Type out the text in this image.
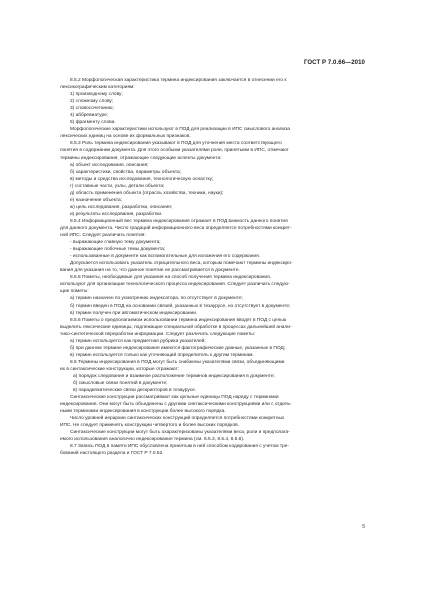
ГОСТ Р 7.0.66—2010
8.5.2 Морфологическая характеристика термина индексирования заключается в отнесении его к
лексикографическим категориям:
1) производному слову;
2) сложному слову;
3) словосочетанию;
4) аббревиатуре;
5) фрагменту слова.
Морфологические характеристики используют в ПОД для реализации в ИПС смыслового анализа
лексических единиц на основе их формальных признаков.
8.5.3 Роль термина индексирования указывают в ПОД для уточнения места соответствующего
понятия в содержании документа. Для этого особыми указателями роли, принятыми в ИПС, отмечают
термины индексирования, отражающие следующие аспекты документа:
а) объект исследования, описания;
б) характеристики, свойства, параметры объекта;
в) методы и средства исследования, технологическую оснастку;
г) составные части, узлы, детали объекта;
д) область применения объекта (отрасль хозяйства, техники, науки);
е) назначение объекта;
ж) цель исследования, разработки, описания;
и) результаты исследования, разработки.
8.5.4 Информационный вес термина индексирования отражает в ПОД важность данного понятия
для данного документа. Число градаций информационного веса определяется потребностями конкрет-
ной ИПС. Следует различать понятия:
- выражающие главную тему документа;
- выражающие побочные темы документа;
- использованные в документе как вспомогательные для изложения его содержания.
Допускается использовать указатель отрицательного веса, которым помечают термины индексиро-
вания для указания на то, что данное понятие не рассматривается в документе.
8.5.5 Пометы, необходимые для указания на способ получения термина индексирования,
используют для организации технологического процесса индексирования. Следует различать следую-
щие пометы:
а) термин назначен по усмотрению индексатора, по отсутствует в документе;
б) термин введен в ПОД на основании связей, указанных в тезаурусе, но отсутствует в документе;
в) термин получен при автоматическом индексировании.
8.5.6 Пометы о предполагаемом использовании термина индексирования вводят в ПОД с целью
выделить лексические единицы, подлежащие специальной обработке в процессах дальнейшей анали-
тико-синтетической переработки информации. Следует различать следующие пометы:
а) термин используется как предметная рубрика указателей;
б) при данном термине индексирования имеются фактографические данные, указанные в ПОД;
в) термин используется только как уточняющий определитель к другим терминам.
8.6 Термины индексирования в ПОД могут быть снабжены указателями связи, объединяющими
их в синтаксические конструкции, которые отражают:
а) порядок следования и взаимное расположение терминов индексирования в документе;
б) смысловые связи понятий в документе;
в) парадигматические связи дескрипторов в тезаурусе.
Синтаксические конструкции рассматривают как цельные единицы ПОД наряду с терминами
индексирования. Они могут быть объединены с другими синтаксическими конструкциями или с отдель-
ными терминами индексирования в конструкции более высокого порядка.
Число уровней иерархии синтаксических конструкций определяется потребностями конкретных
ИПС. Не следует применять конструкции четвертого и более высоких порядков.
Синтаксические конструкции могут быть охарактеризованы указателями веса, роли и предполага-
емого использования аналогично индексирования термина (см. 8.5.3, 8.5.4, 8.5.6).
8.7 Запись ПОД в памяти ИПС обусловлена принятым в ней способом кодирования с учетом тре-
бований настоящего раздела и ГОСТ Р 7.0.52.
5
